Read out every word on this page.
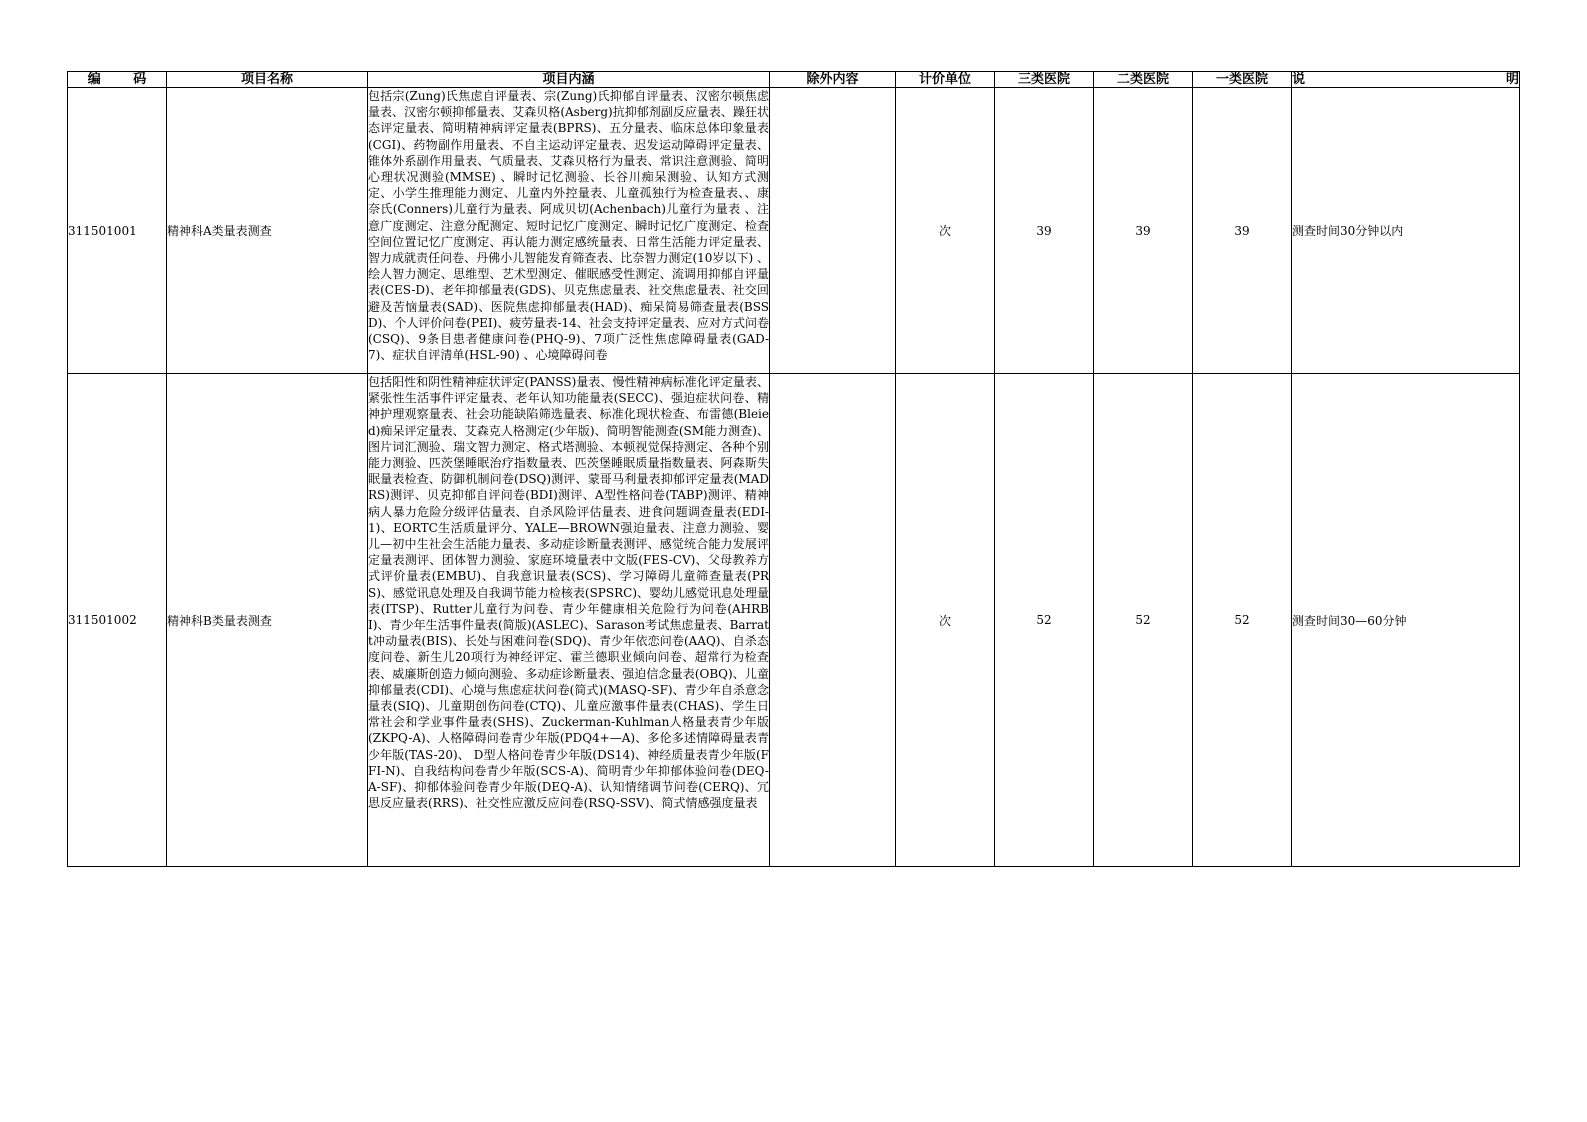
编 码	项目名称	项目内涵	除外内容	计价单位	三类医院	二类医院	一类医院	说 明

311501001	精神科A类量表测查	包括宗(Zung)氏焦虑自评量表、宗(Zung)氏抑郁自评量表、汉密尔顿焦虑量表、汉密尔顿抑郁量表、艾森贝格(Asberg)抗抑郁剂副反应量表、躁狂状态评定量表、简明精神病评定量表(BPRS)、五分量表、临床总体印象量表(CGI)、药物副作用量表、不自主运动评定量表、迟发运动障碍评定量表、锥体外系副作用量表、气质量表、艾森贝格行为量表、常识注意测验、简明心理状况测验(MMSE) 、瞬时记忆测验、长谷川痴呆测验、认知方式测定、小学生推理能力测定、儿童内外控量表、儿童孤独行为检查量表、、康奈氏(Conners)儿童行为量表、阿成贝切(Achenbach)儿童行为量表 、注意广度测定、注意分配测定、短时记忆广度测定、瞬时记忆广度测定、检查空间位置记忆广度测定、再认能力测定感统量表、日常生活能力评定量表、智力成就责任问卷、丹佛小儿智能发育筛查表、比奈智力测定(10岁以下) 、绘人智力测定、思维型、艺术型测定、催眠感受性测定、流调用抑郁自评量表(CES-D)、老年抑郁量表(GDS)、贝克焦虑量表、社交焦虑量表、社交回避及苦恼量表(SAD)、医院焦虑抑郁量表(HAD)、痴呆简易筛查量表(BSSD)、个人评价问卷(PEI)、疲劳量表-14、社会支持评定量表、应对方式问卷(CSQ)、9条目患者健康问卷(PHQ-9)、7项广泛性焦虑障碍量表(GAD-7)、症状自评清单(HSL-90) 、心境障碍问卷		次	39	39	39	测查时间30分钟以内
311501002	精神科B类量表测查	包括阳性和阴性精神症状评定(PANSS)量表、慢性精神病标准化评定量表、紧张性生活事件评定量表、老年认知功能量表(SECC)、强迫症状问卷、精神护理观察量表、社会功能缺陷筛选量表、标准化现状检查、布雷德(Bleied)痴呆评定量表、艾森克人格测定(少年版)、简明智能测查(SM能力测查)、图片词汇测验、瑞文智力测定、格式塔测验、本顿视觉保持测定、各种个别能力测验、匹茨堡睡眠治疗指数量表、匹茨堡睡眠质量指数量表、阿森斯失眠量表检查、防御机制问卷(DSQ)测评、蒙哥马利量表抑郁评定量表(MADRS)测评、贝克抑郁自评问卷(BDI)测评、A型性格问卷(TABP)测评、精神病人暴力危险分级评估量表、自杀风险评估量表、进食问题调查量表(EDI-1)、EORTC生活质量评分、YALE—BROWN强迫量表、注意力测验、婴儿—初中生社会生活能力量表、多动症诊断量表测评、感觉统合能力发展评定量表测评、团体智力测验、家庭环境量表中文版(FES-CV)、父母教养方式评价量表(EMBU)、自我意识量表(SCS)、学习障碍儿童筛查量表(PRS)、感觉讯息处理及自我调节能力检核表(SPSRC)、婴幼儿感觉讯息处理量表(ITSP)、Rutter儿童行为问卷、青少年健康相关危险行为问卷(AHRBI)、青少年生活事件量表(简版)(ASLEC)、Sarason考试焦虑量表、Barratt冲动量表(BIS)、长处与困难问卷(SDQ)、青少年依恋问卷(AAQ)、自杀态度问卷、新生儿20项行为神经评定、霍兰德职业倾向问卷、超常行为检查表、威廉斯创造力倾向测验、多动症诊断量表、强迫信念量表(OBQ)、儿童抑郁量表(CDI)、心境与焦虑症状问卷(简式)(MASQ-SF)、青少年自杀意念量表(SIQ)、儿童期创伤问卷(CTQ)、儿童应激事件量表(CHAS)、学生日常社会和学业事件量表(SHS)、Zuckerman-Kuhlman人格量表青少年版(ZKPQ-A)、人格障碍问卷青少年版(PDQ4+—A)、多伦多述情障碍量表青少年版(TAS-20)、 D型人格问卷青少年版(DS14)、神经质量表青少年版(FFI-N)、自我结构问卷青少年版(SCS-A)、简明青少年抑郁体验问卷(DEQ-A-SF)、抑郁体验问卷青少年版(DEQ-A)、认知情绪调节问卷(CERQ)、冗思反应量表(RRS)、社交性应激反应问卷(RSQ-SSV)、简式情感强度量表		次	52	52	52	测查时间30—60分钟
